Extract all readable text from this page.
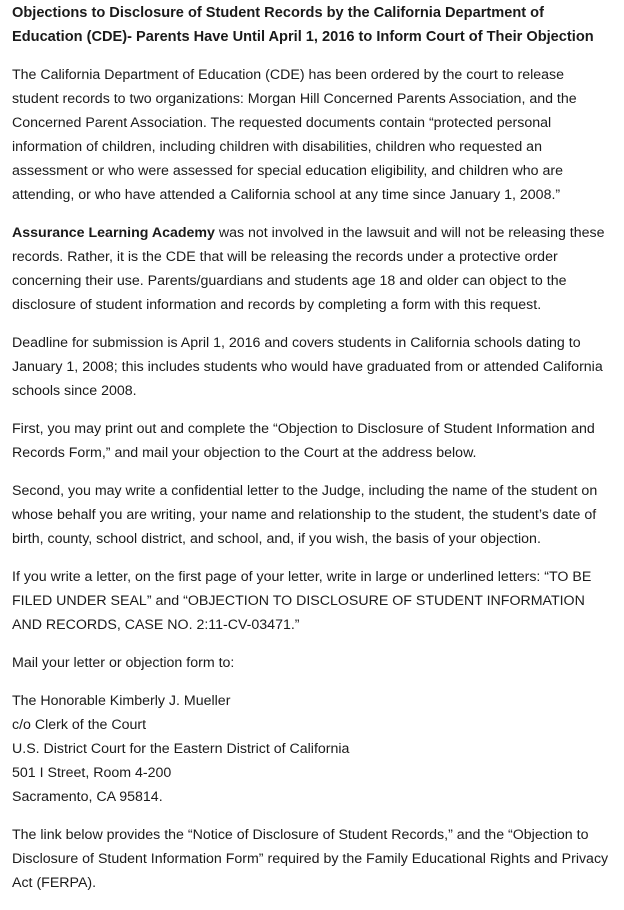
Objections to Disclosure of Student Records by the California Department of Education (CDE)- Parents Have Until April 1, 2016 to Inform Court of Their Objection

The California Department of Education (CDE) has been ordered by the court to release student records to two organizations: Morgan Hill Concerned Parents Association, and the Concerned Parent Association. The requested documents contain “protected personal information of children, including children with disabilities, children who requested an assessment or who were assessed for special education eligibility, and children who are attending, or who have attended a California school at any time since January 1, 2008.”

Assurance Learning Academy was not involved in the lawsuit and will not be releasing these records. Rather, it is the CDE that will be releasing the records under a protective order concerning their use. Parents/guardians and students age 18 and older can object to the disclosure of student information and records by completing a form with this request.

Deadline for submission is April 1, 2016 and covers students in California schools dating to January 1, 2008; this includes students who would have graduated from or attended California schools since 2008.

First, you may print out and complete the “Objection to Disclosure of Student Information and Records Form,” and mail your objection to the Court at the address below.

Second, you may write a confidential letter to the Judge, including the name of the student on whose behalf you are writing, your name and relationship to the student, the student’s date of birth, county, school district, and school, and, if you wish, the basis of your objection.

If you write a letter, on the first page of your letter, write in large or underlined letters: “TO BE FILED UNDER SEAL” and “OBJECTION TO DISCLOSURE OF STUDENT INFORMATION AND RECORDS, CASE NO. 2:11-CV-03471.”

Mail your letter or objection form to:

The Honorable Kimberly J. Mueller
c/o Clerk of the Court
U.S. District Court for the Eastern District of California
501 I Street, Room 4-200
Sacramento, CA 95814.

The link below provides the “Notice of Disclosure of Student Records,” and the “Objection to Disclosure of Student Information Form” required by the Family Educational Rights and Privacy Act (FERPA).
